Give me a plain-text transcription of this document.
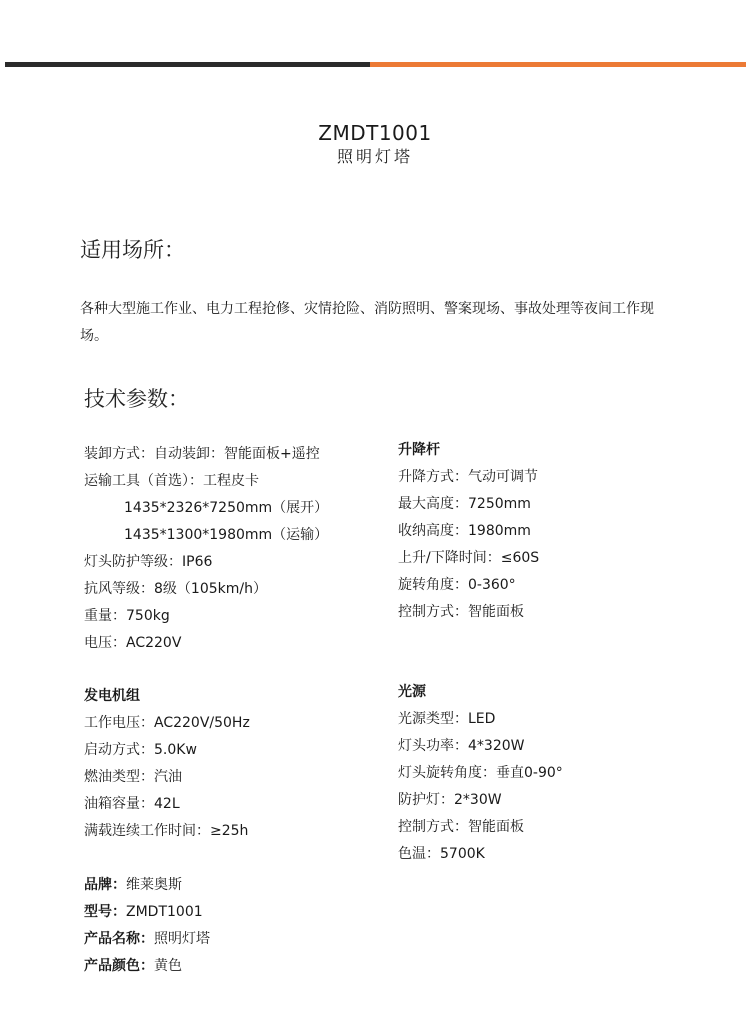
ZMDT1001
照明灯塔
适用场所：
各种大型施工作业、电力工程抢修、灾情抢险、消防照明、警案现场、事故处理等夜间工作现场。
技术参数：
装卸方式：自动装卸：智能面板+遥控
运输工具（首选）：工程皮卡
1435*2326*7250mm（展开）
1435*1300*1980mm（运输）
灯头防护等级：IP66
抗风等级：8级（105km/h）
重量：750kg
电压：AC220V
升降杆
升降方式：气动可调节
最大高度：7250mm
收纳高度：1980mm
上升/下降时间：≤60S
旋转角度：0-360°
控制方式：智能面板
发电机组
工作电压：AC220V/50Hz
启动方式：5.0Kw
燃油类型：汽油
油箱容量：42L
满载连续工作时间：≥25h
光源
光源类型：LED
灯头功率：4*320W
灯头旋转角度：垂直0-90°
防护灯：2*30W
控制方式：智能面板
色温：5700K
品牌：维莱奥斯
型号：ZMDT1001
产品名称：照明灯塔
产品颜色：黄色
